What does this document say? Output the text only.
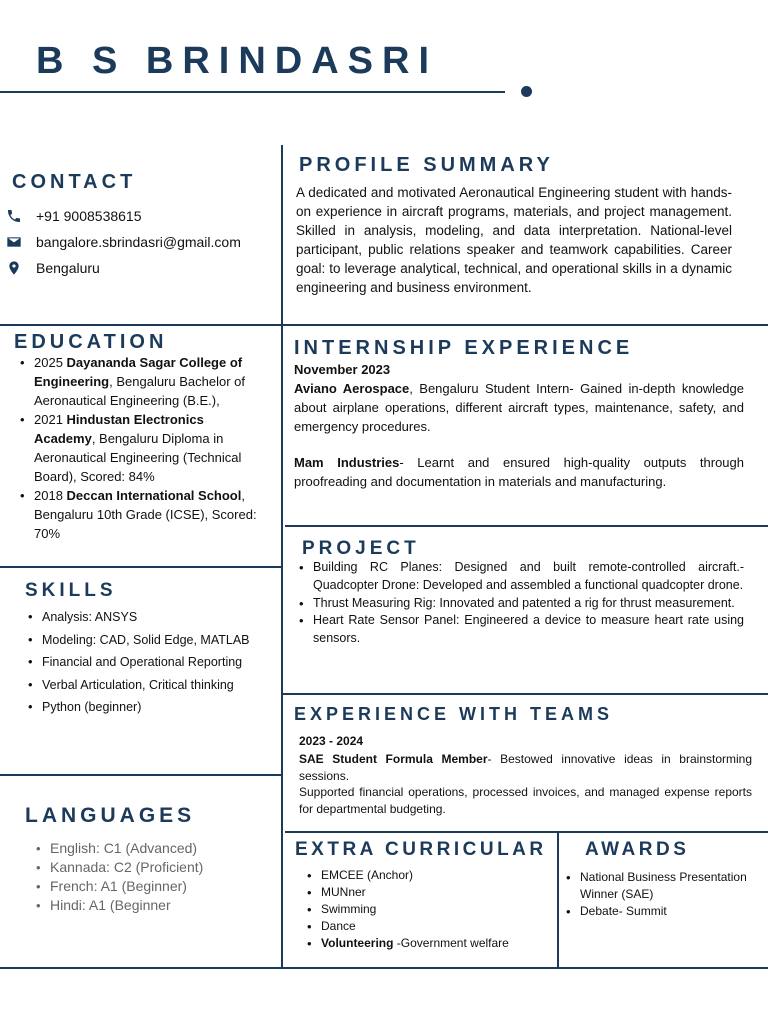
B S BRINDASRI
CONTACT
+91 9008538615
bangalore.sbrindasri@gmail.com
Bengaluru
PROFILE SUMMARY
A dedicated and motivated Aeronautical Engineering student with hands-on experience in aircraft programs, materials, and project management. Skilled in analysis, modeling, and data interpretation. National-level participant, public relations speaker and teamwork capabilities. Career goal: to leverage analytical, technical, and operational skills in a dynamic engineering and business environment.
EDUCATION
• 2025 Dayananda Sagar College of Engineering, Bengaluru Bachelor of Aeronautical Engineering (B.E.),
• 2021 Hindustan Electronics Academy, Bengaluru Diploma in Aeronautical Engineering (Technical Board), Scored: 84%
• 2018 Deccan International School, Bengaluru 10th Grade (ICSE), Scored: 70%
INTERNSHIP EXPERIENCE
November 2023
Aviano Aerospace, Bengaluru Student Intern- Gained in-depth knowledge about airplane operations, different aircraft types, maintenance, safety, and emergency procedures.
Mam Industries- Learnt and ensured high-quality outputs through proofreading and documentation in materials and manufacturing.
SKILLS
• Analysis: ANSYS
• Modeling: CAD, Solid Edge, MATLAB
• Financial and Operational Reporting
• Verbal Articulation, Critical thinking
• Python (beginner)
PROJECT
• Building RC Planes: Designed and built remote-controlled aircraft.- Quadcopter Drone: Developed and assembled a functional quadcopter drone.
• Thrust Measuring Rig: Innovated and patented a rig for thrust measurement.
• Heart Rate Sensor Panel: Engineered a device to measure heart rate using sensors.
EXPERIENCE WITH TEAMS
2023 - 2024
SAE Student Formula Member- Bestowed innovative ideas in brainstorming sessions.
Supported financial operations, processed invoices, and managed expense reports for departmental budgeting.
LANGUAGES
• English: C1 (Advanced)
• Kannada: C2 (Proficient)
• French: A1 (Beginner)
• Hindi: A1 (Beginner
EXTRA CURRICULAR
• EMCEE (Anchor)
• MUNner
• Swimming
• Dance
• Volunteering -Government welfare
AWARDS
• National Business Presentation Winner (SAE)
• Debate- Summit
